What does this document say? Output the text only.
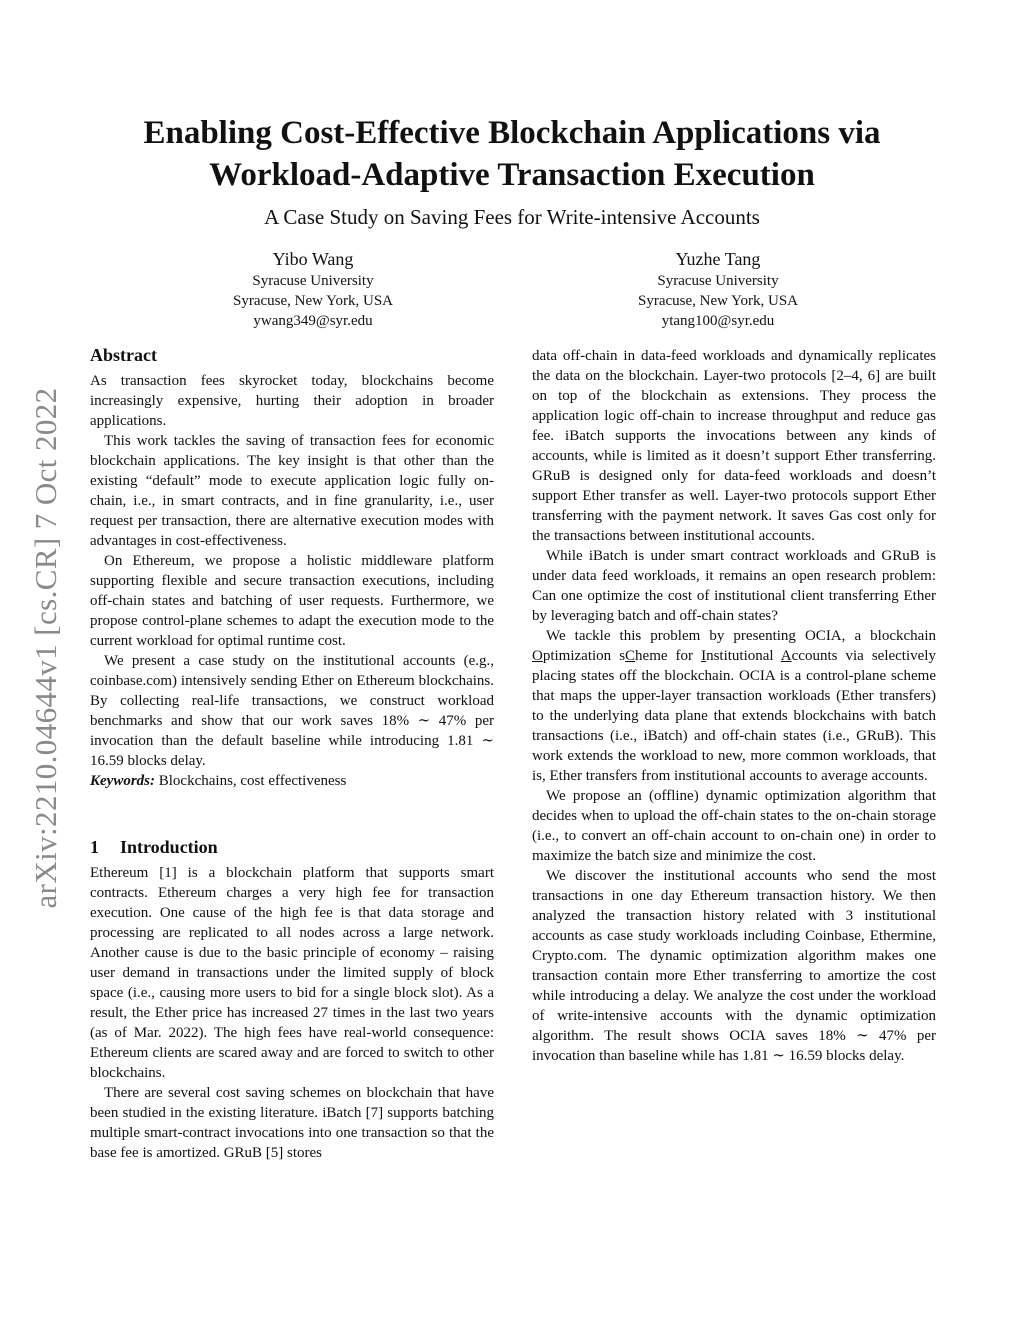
arXiv:2210.04644v1 [cs.CR] 7 Oct 2022
Enabling Cost-Effective Blockchain Applications via
Workload-Adaptive Transaction Execution
A Case Study on Saving Fees for Write-intensive Accounts
Yibo Wang
Syracuse University
Syracuse, New York, USA
ywang349@syr.edu
Yuzhe Tang
Syracuse University
Syracuse, New York, USA
ytang100@syr.edu
Abstract

As transaction fees skyrocket today, blockchains become increasingly expensive, hurting their adoption in broader applications.

This work tackles the saving of transaction fees for economic blockchain applications. The key insight is that other than the existing “default” mode to execute application logic fully on-chain, i.e., in smart contracts, and in fine granularity, i.e., user request per transaction, there are alternative execution modes with advantages in cost-effectiveness.

On Ethereum, we propose a holistic middleware platform supporting flexible and secure transaction executions, including off-chain states and batching of user requests. Furthermore, we propose control-plane schemes to adapt the execution mode to the current workload for optimal runtime cost.

We present a case study on the institutional accounts (e.g., coinbase.com) intensively sending Ether on Ethereum blockchains. By collecting real-life transactions, we construct workload benchmarks and show that our work saves 18% ∼ 47% per invocation than the default baseline while introducing 1.81 ∼ 16.59 blocks delay.

Keywords: Blockchains, cost effectiveness

1 Introduction

Ethereum [1] is a blockchain platform that supports smart contracts. Ethereum charges a very high fee for transaction execution. One cause of the high fee is that data storage and processing are replicated to all nodes across a large network. Another cause is due to the basic principle of economy – raising user demand in transactions under the limited supply of block space (i.e., causing more users to bid for a single block slot). As a result, the Ether price has increased 27 times in the last two years (as of Mar. 2022). The high fees have real-world consequence: Ethereum clients are scared away and are forced to switch to other blockchains.

There are several cost saving schemes on blockchain that have been studied in the existing literature. iBatch [7] supports batching multiple smart-contract invocations into one transaction so that the base fee is amortized. GRuB [5] stores

data off-chain in data-feed workloads and dynamically replicates the data on the blockchain. Layer-two protocols [2–4, 6] are built on top of the blockchain as extensions. They process the application logic off-chain to increase throughput and reduce gas fee. iBatch supports the invocations between any kinds of accounts, while is limited as it doesn’t support Ether transferring. GRuB is designed only for data-feed workloads and doesn’t support Ether transfer as well. Layer-two protocols support Ether transferring with the payment network. It saves Gas cost only for the transactions between institutional accounts.

While iBatch is under smart contract workloads and GRuB is under data feed workloads, it remains an open research problem: Can one optimize the cost of institutional client transferring Ether by leveraging batch and off-chain states?

We tackle this problem by presenting OCIA, a blockchain Optimization sCheme for Institutional Accounts via selectively placing states off the blockchain. OCIA is a control-plane scheme that maps the upper-layer transaction workloads (Ether transfers) to the underlying data plane that extends blockchains with batch transactions (i.e., iBatch) and off-chain states (i.e., GRuB). This work extends the workload to new, more common workloads, that is, Ether transfers from institutional accounts to average accounts.

We propose an (offline) dynamic optimization algorithm that decides when to upload the off-chain states to the on-chain storage (i.e., to convert an off-chain account to on-chain one) in order to maximize the batch size and minimize the cost.

We discover the institutional accounts who send the most transactions in one day Ethereum transaction history. We then analyzed the transaction history related with 3 institutional accounts as case study workloads including Coinbase, Ethermine, Crypto.com. The dynamic optimization algorithm makes one transaction contain more Ether transferring to amortize the cost while introducing a delay. We analyze the cost under the workload of write-intensive accounts with the dynamic optimization algorithm. The result shows OCIA saves 18% ∼ 47% per invocation than baseline while has 1.81 ∼ 16.59 blocks delay.
